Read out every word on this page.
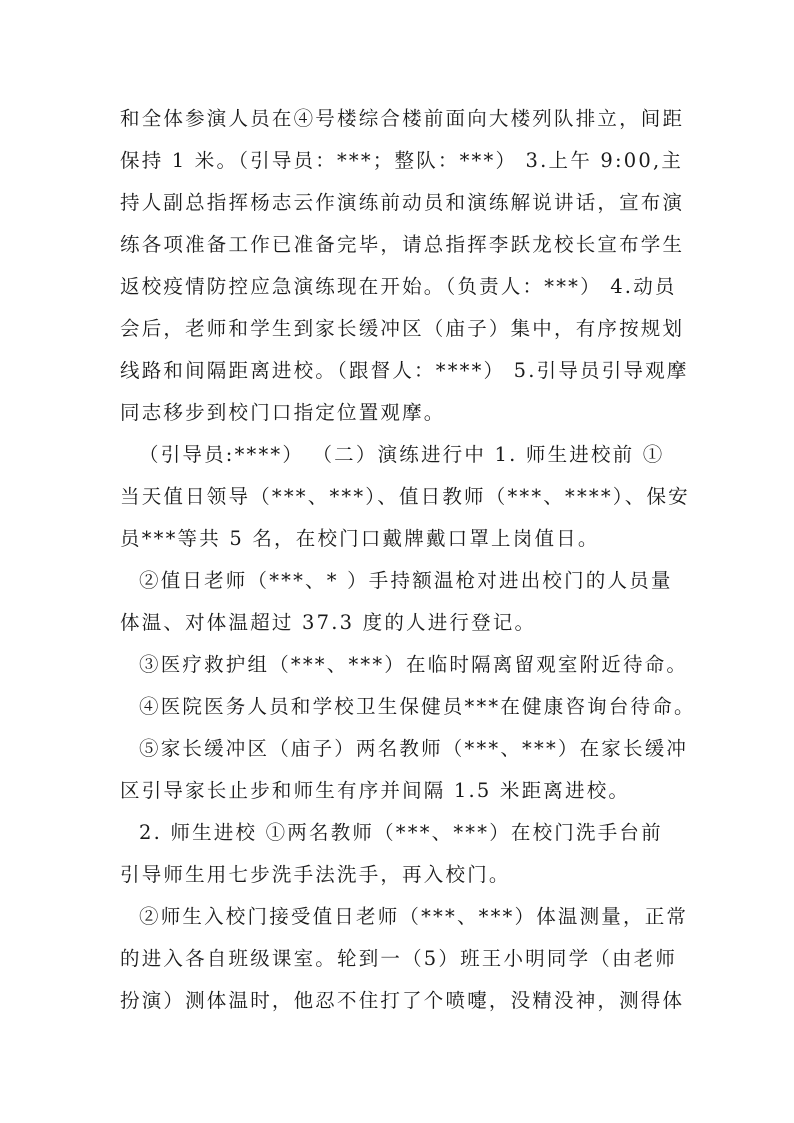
和全体参演人员在④号楼综合楼前面向大楼列队排立，间距
保持 1 米。（引导员：***；整队：***） 3.上午 9:00,主
持人副总指挥杨志云作演练前动员和演练解说讲话，宣布演
练各项准备工作已准备完毕，请总指挥李跃龙校长宣布学生
返校疫情防控应急演练现在开始。（负责人：***） 4.动员
会后，老师和学生到家长缓冲区（庙子）集中，有序按规划
线路和间隔距离进校。（跟督人：****） 5.引导员引导观摩
同志移步到校门口指定位置观摩。
（引导员:****） （二）演练进行中 1. 师生进校前 ①
当天值日领导（***、***）、值日教师（***、****）、保安
员***等共 5 名，在校门口戴牌戴口罩上岗值日。
②值日老师（***、* ）手持额温枪对进出校门的人员量
体温、对体温超过 37.3 度的人进行登记。
③医疗救护组（***、***）在临时隔离留观室附近待命。
④医院医务人员和学校卫生保健员***在健康咨询台待命。
⑤家长缓冲区（庙子）两名教师（***、***）在家长缓冲
区引导家长止步和师生有序并间隔 1.5 米距离进校。
2. 师生进校 ①两名教师（***、***）在校门洗手台前
引导师生用七步洗手法洗手，再入校门。
②师生入校门接受值日老师（***、***）体温测量，正常
的进入各自班级课室。轮到一（5）班王小明同学（由老师
扮演）测体温时，他忍不住打了个喷嚏，没精没神，测得体
